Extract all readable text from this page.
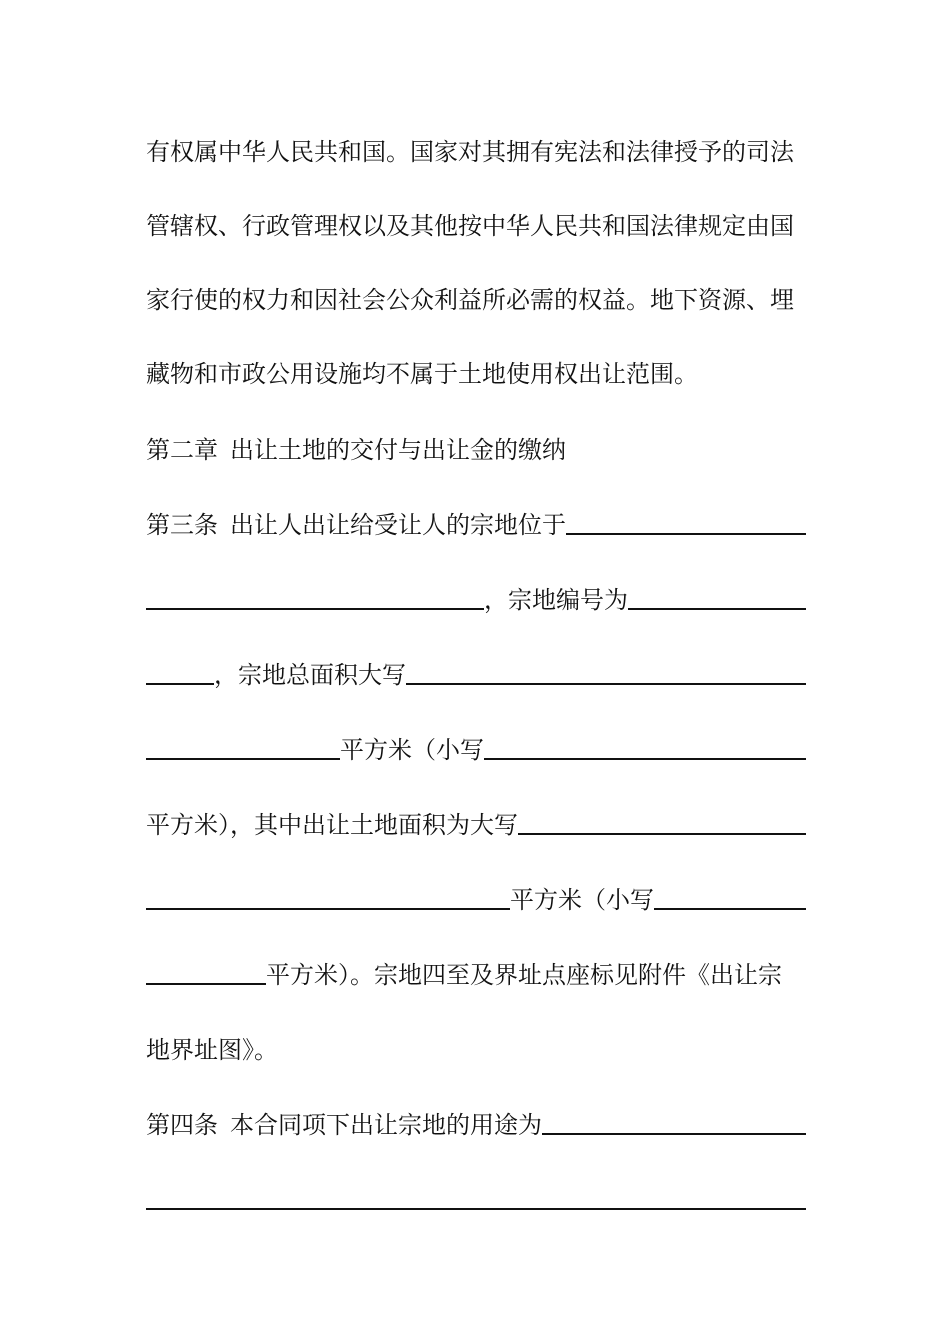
有权属中华人民共和国。国家对其拥有宪法和法律授予的司法
管辖权、行政管理权以及其他按中华人民共和国法律规定由国
家行使的权力和因社会公众利益所必需的权益。地下资源、埋
藏物和市政公用设施均不属于土地使用权出让范围。
第二章 出让土地的交付与出让金的缴纳
第三条 出让人出让给受让人的宗地位于
，宗地编号为
，宗地总面积大写
平方米（小写
平方米），其中出让土地面积为大写
平方米（小写
平方米）。宗地四至及界址点座标见附件《出让宗
地界址图》。
第四条 本合同项下出让宗地的用途为
